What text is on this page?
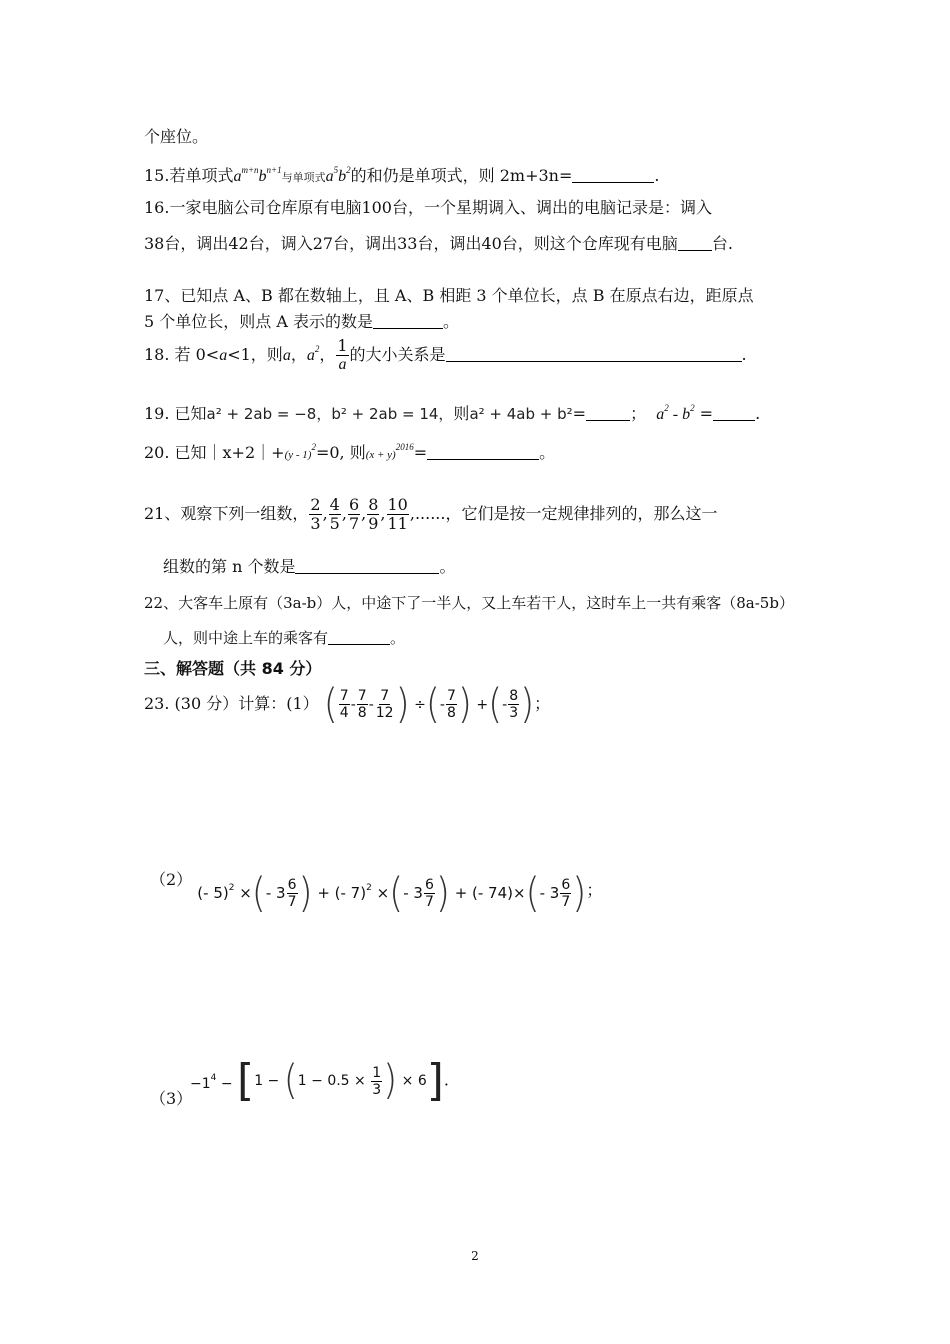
个座位。
15.若单项式$a^{m+n}b^{n+1}$与单项式$a^5b^2$的和仍是单项式，则 2m+3n=	.
16.一家电脑公司仓库原有电脑100台，一个星期调入、调出的电脑记录是：调入
38台，调出42台，调入27台，调出33台，调出40台，则这个仓库现有电脑 台.
17、已知点 A、B 都在数轴上，且 A、B 相距 3 个单位长，点 B 在原点右边，距原点
5 个单位长，则点 A 表示的数是	。
18. 若 0<a<1，则a，$a^2$， $\frac{1}{a}$ 的大小关系是	.
19. 已知a² + 2ab = −8，b² + 2ab = 14，则a² + 4ab + b²=	； $a^2 - b^2$ =	.
20. 已知｜x+2｜+(y - 1)$^2$=0, 则$(x + y)^{2016}=$	。
21、观察下列一组数， $\frac{2}{3}$ , $\frac{4}{5}$ , $\frac{6}{7}$ , $\frac{8}{9}$ , $\frac{10}{11}$ ,......，它们是按一定规律排列的，那么这一
组数的第 n 个数是	。
22、大客车上原有（3a-b）人，中途下了一半人，又上车若干人，这时车上一共有乘客（8a-5b）
人，则中途上车的乘客有	。
三、解答题（共 84 分）
23. (30 分）计算：(1） ( $\frac{7}{4} - \frac{7}{8} - \frac{7}{12}$ ) ÷(- $\frac{7}{8}$ ) +(- $\frac{8}{3}$ )；
（2） (- 5)$^2$ ×(- $3 \frac{6}{7}$ ) + (- 7)$^2$ ×(- $3 \frac{6}{7}$ ) + (- 74)×(- $3 \frac{6}{7}$ )；
$-1^4 - [1 - (1 - 0.5 \times \frac{1}{3}$ ) × 6].
（3）
2
